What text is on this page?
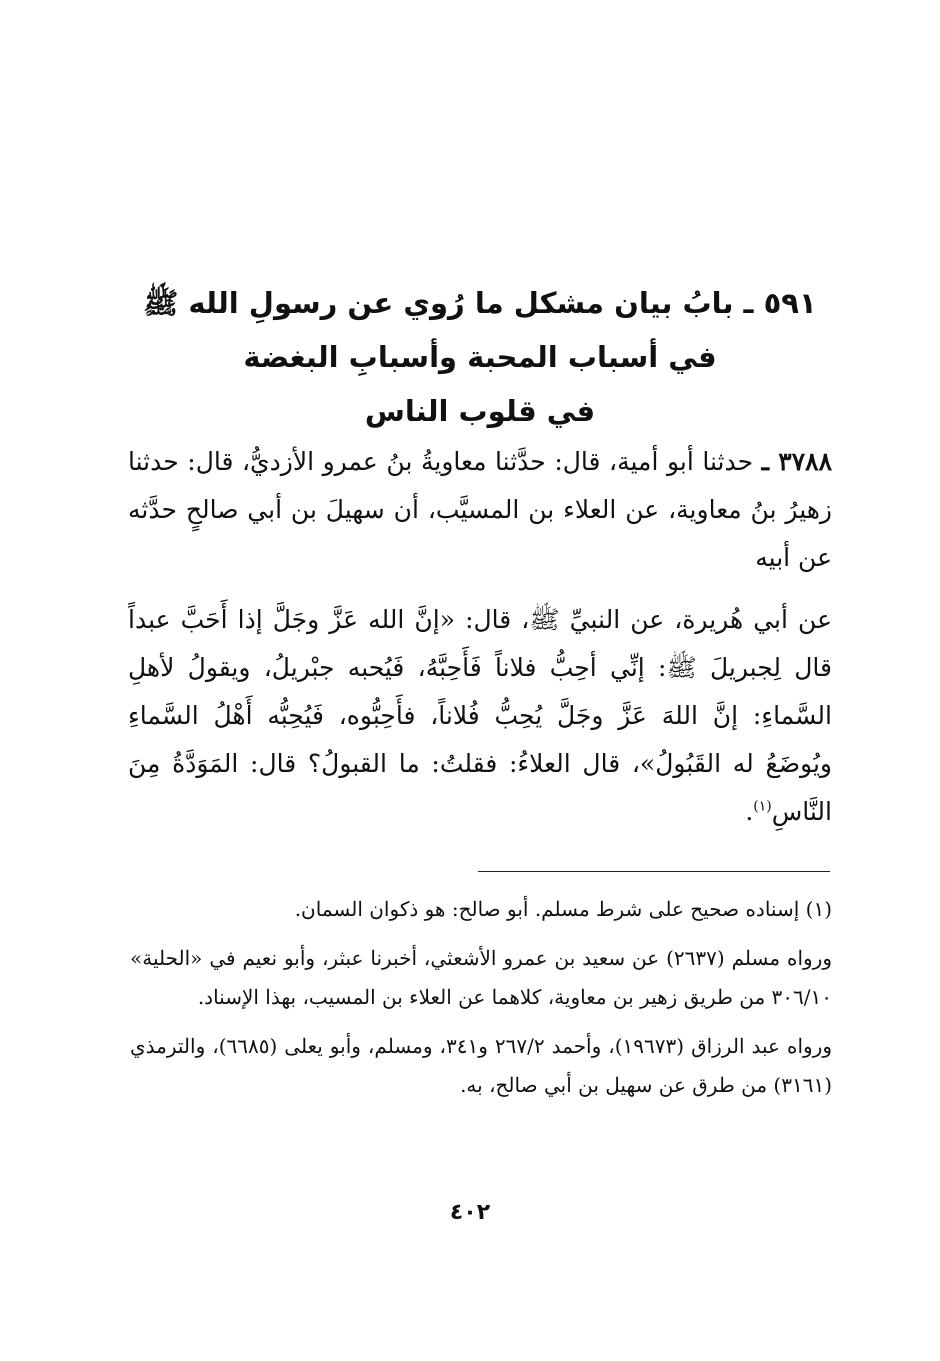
٥٩١ ـ بابُ بيان مشكل ما رُوي عن رسولِ الله ﷺ
في أسباب المحبة وأسبابِ البغضة
في قلوب الناس
٣٧٨٨ ـ حدثنا أبو أمية، قال: حدَّثنا معاويةُ بنُ عمرو الأزديُّ، قال: حدثنا زهيرُ بنُ معاوية، عن العلاء بن المسيَّب، أن سهيلَ بن أبي صالحٍ حدَّثه عن أبيه
عن أبي هُريرة، عن النبيِّ ﷺ، قال: «إنَّ الله عَزَّ وجَلَّ إذا أَحَبَّ عبداً قال لِجبريلَ ﷺ: إنِّي أحِبُّ فلاناً فَأَحِبَّهُ، فَيُحبه جبْريلُ، ويقولُ لأهلِ السَّماءِ: إنَّ اللهَ عَزَّ وجَلَّ يُحِبُّ فُلاناً، فأَحِبُّوه، فَيُحِبُّه أَهْلُ السَّماءِ ويُوضَعُ له القَبُولُ»، قال العلاءُ: فقلتُ: ما القبولُ؟ قال: المَوَدَّةُ مِنَ النَّاسِ$^{(١)}$.

(١) إسناده صحيح على شرط مسلم. أبو صالح: هو ذكوان السمان.

ورواه مسلم (٢٦٣٧) عن سعيد بن عمرو الأشعثي، أخبرنا عبثر، وأبو نعيم في «الحلية» ٣٠٦/١٠ من طريق زهير بن معاوية، كلاهما عن العلاء بن المسيب، بهذا الإسناد.

ورواه عبد الرزاق (١٩٦٧٣)، وأحمد ٢٦٧/٢ و٣٤١، ومسلم، وأبو يعلى (٦٦٨٥)، والترمذي (٣١٦١) من طرق عن سهيل بن أبي صالح، به.

٤٠٢
